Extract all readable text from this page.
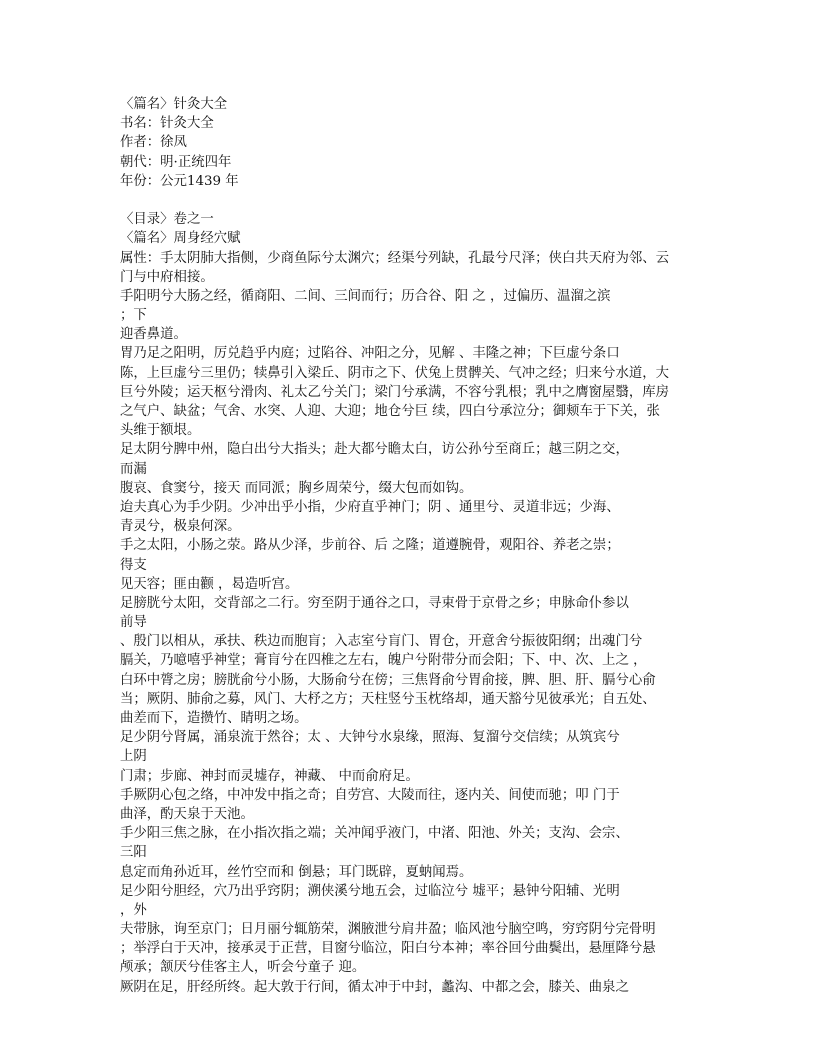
〈篇名〉针灸大全
书名：针灸大全
作者：徐凤
朝代：明·正统四年
年份：公元1439 年
〈目录〉卷之一
〈篇名〉周身经穴赋
属性：手太阴肺大指侧，少商鱼际兮太渊穴；经渠兮列缺，孔最兮尺泽；侠白共天府为邻、云
门与中府相接。
手阳明兮大肠之经，循商阳、二间、三间而行；历合谷、阳 之 ，过偏历、温溜之滨
；下
迎香鼻道。
胃乃足之阳明，厉兑趋乎内庭；过陷谷、冲阳之分，见解 、丰隆之神；下巨虚兮条口
陈，上巨虚兮三里仍；犊鼻引入梁丘、阴市之下、伏兔上贯髀关、气冲之经；归来兮水道，大
巨兮外陵；运天枢兮滑肉、礼太乙兮关门；梁门兮承满，不容兮乳根；乳中之膺窗屋翳，库房
之气户、缺盆；气舍、水突、人迎、大迎；地仓兮巨 续，四白兮承泣分；御颊车于下关，张
头维于额垠。
足太阴兮脾中州，隐白出兮大指头；赴大都兮瞻太白，访公孙兮至商丘；越三阴之交，
而漏
腹哀、食窦兮，接天 而同派；胸乡周荣兮，缀大包而如钩。
迨夫真心为手少阴。少冲出乎小指，少府直乎神门；阴 、通里兮、灵道非远；少海、
青灵兮，极泉何深。
手之太阳，小肠之荥。路从少泽，步前谷、后 之隆；道遵腕骨，观阳谷、养老之崇；
得支
见天容；匪由颧 ，曷造听宫。
足膀胱兮太阳，交背部之二行。穷至阴于通谷之口，寻束骨于京骨之乡；申脉命仆参以
前导
、殷门以相从，承扶、秩边而胞肓；入志室兮肓门、胃仓，开意舍兮振彼阳纲；出魂门兮
膈关，乃噫嘻乎神堂；膏肓兮在四椎之左右，魄户兮附带分而会阳；下、中、次、上之 ，
白环中膂之房；膀胱俞兮小肠，大肠俞兮在傍；三焦肾俞兮胃俞接，脾、胆、肝、膈兮心俞
当；厥阴、肺俞之募，风门、大杼之方；天柱竖兮玉枕络却，通天豁兮见彼承光；自五处、
曲差而下，造攒竹、睛明之场。
足少阴兮肾属，涌泉流于然谷；太 、大钟兮水泉缘，照海、复溜兮交信续；从筑宾兮
上阴
门肃；步廊、神封而灵墟存，神藏、 中而俞府足。
手厥阴心包之络，中冲发中指之奇；自劳宫、大陵而往，逐内关、间使而驰；叩 门于
曲泽，酌天泉于天池。
手少阳三焦之脉，在小指次指之端；关冲闻乎液门，中渚、阳池、外关；支沟、会宗、
三阳
息定而角孙近耳，丝竹空而和 倒悬；耳门既辟，夏蚋闻焉。
足少阳兮胆经，穴乃出乎窍阴；溯侠溪兮地五会，过临泣兮 墟平；悬钟兮阳辅、光明
，外
夫带脉，询至京门；日月丽兮辄筋荣，渊腋泄兮肩井盈；临风池兮脑空鸣，穷窍阴兮完骨明
；举浮白于天冲，接承灵于正营，目窗兮临泣，阳白兮本神；率谷回兮曲鬓出，悬厘降兮悬
颅承；颔厌兮佳客主人，听会兮童子 迎。
厥阴在足，肝经所终。起大敦于行间，循太冲于中封，蠡沟、中都之会，膝关、曲泉之
